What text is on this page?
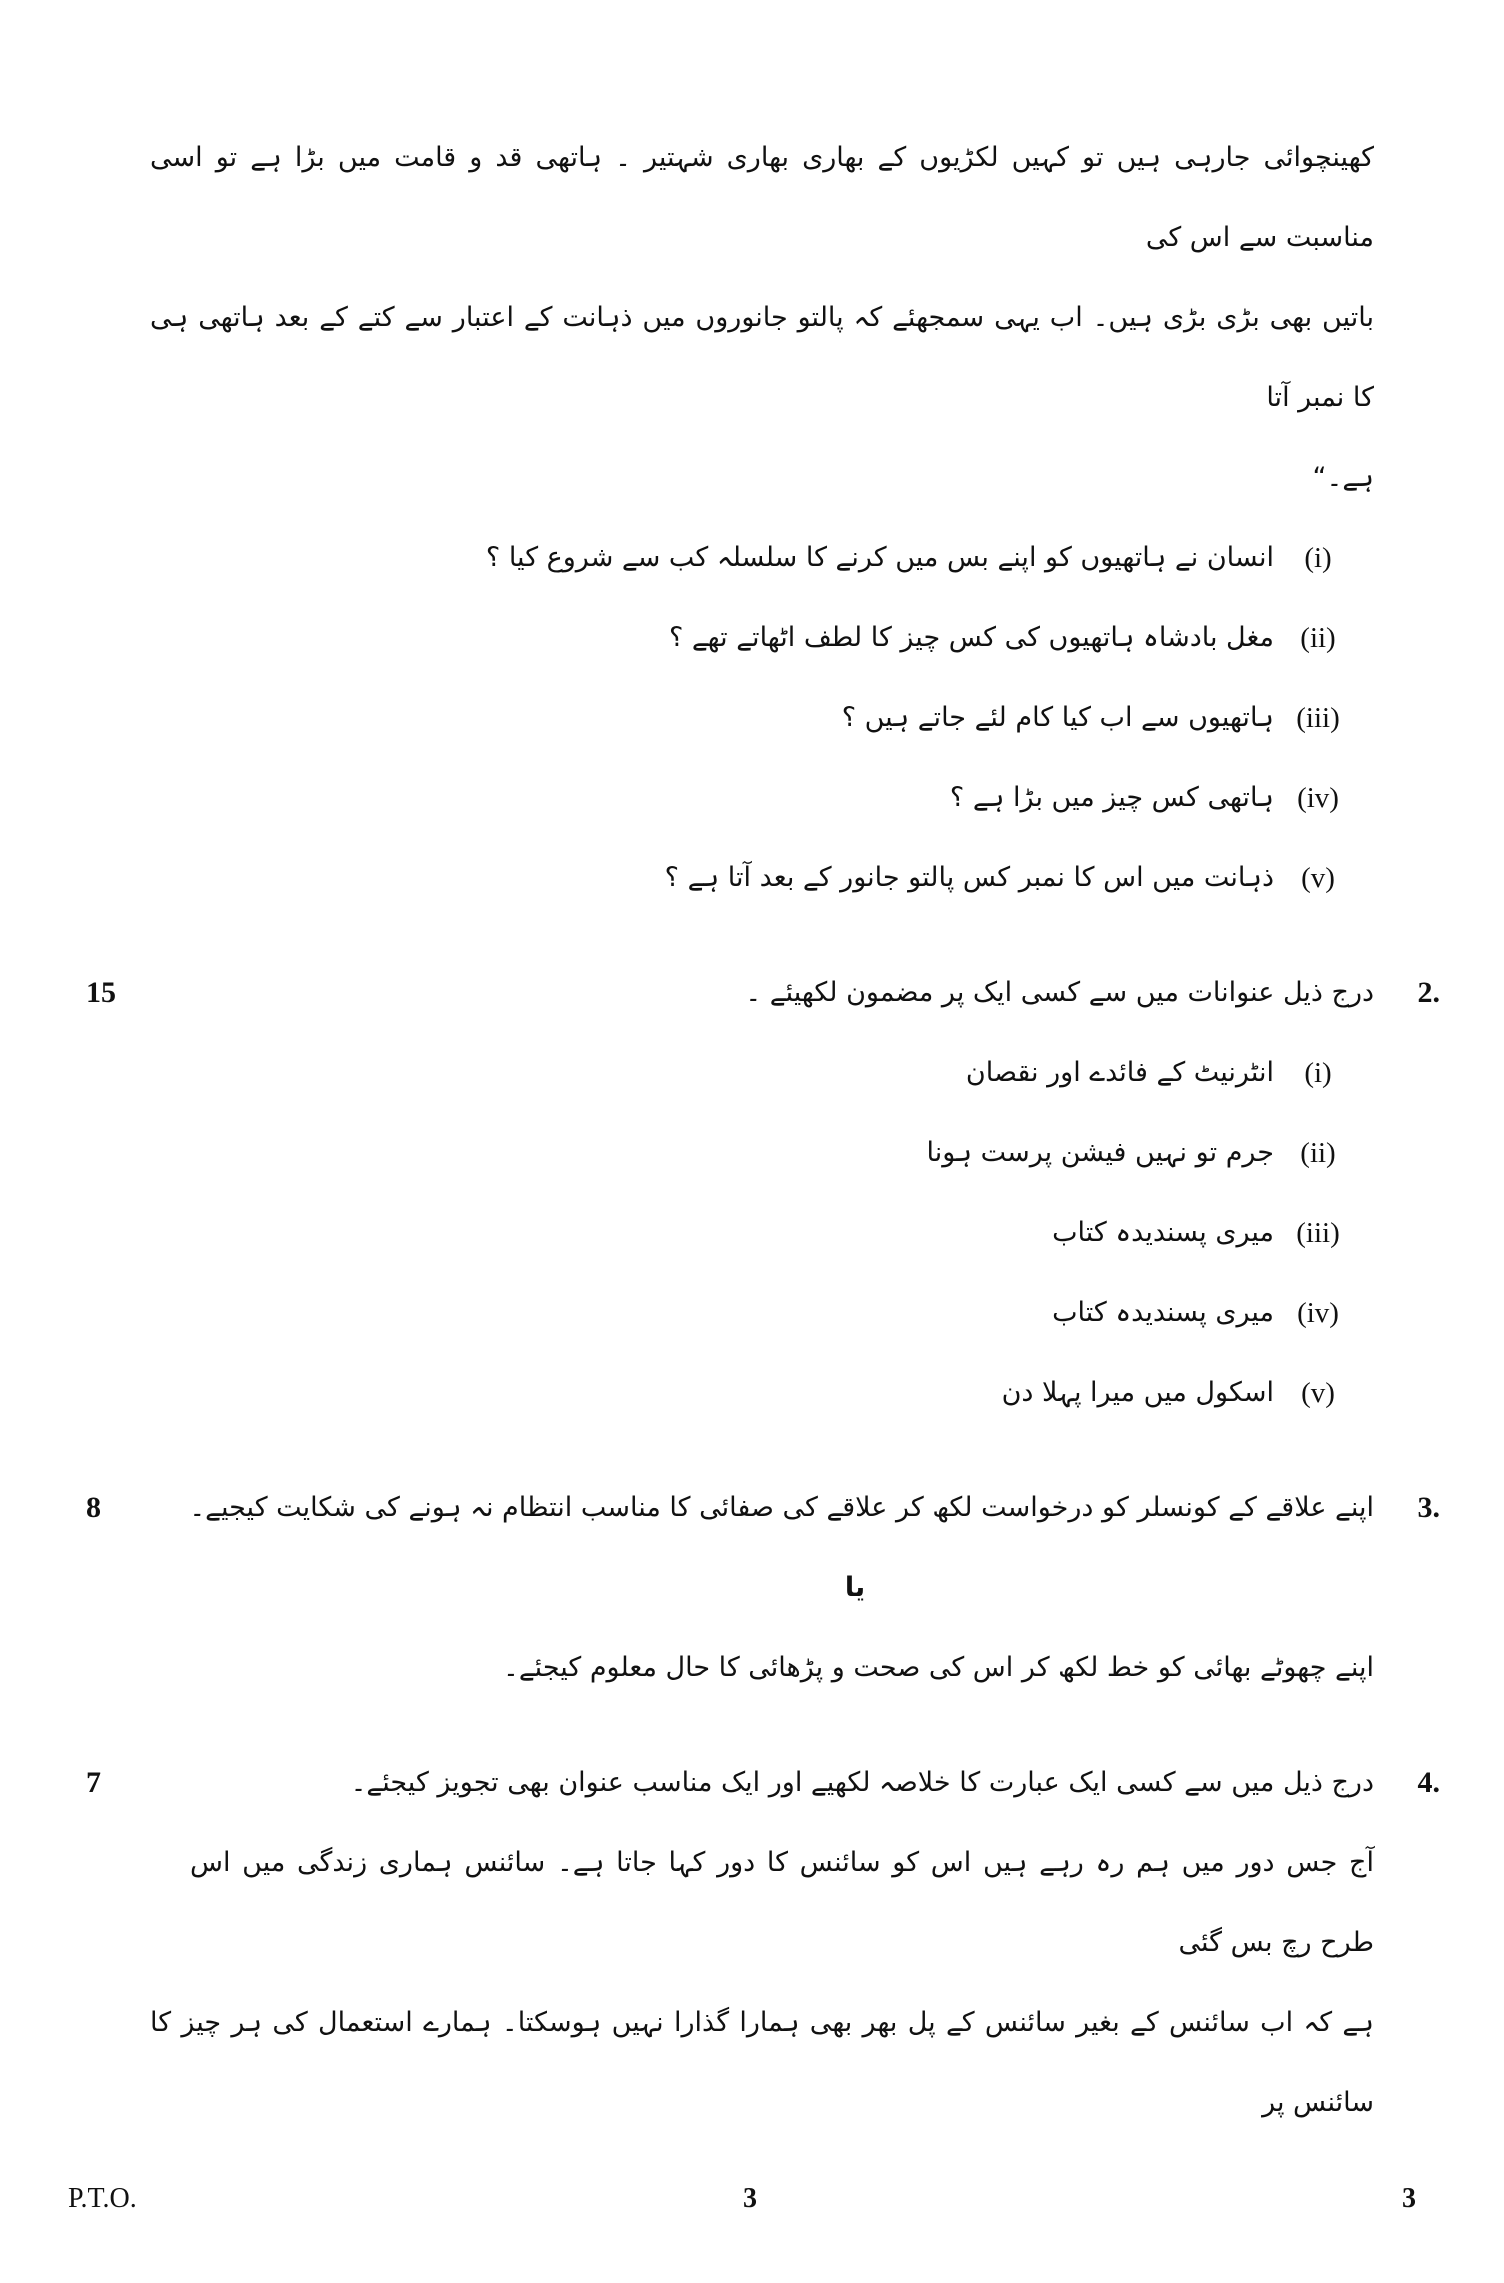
کھینچوائی جارہی ہیں تو کہیں لکڑیوں کے بھاری بھاری شہتیر ۔ ہاتھی قد و قامت میں بڑا ہے تو اسی مناسبت سے اس کی
باتیں بھی بڑی بڑی ہیں۔ اب یہی سمجھئے کہ پالتو جانوروں میں ذہانت کے اعتبار سے کتے کے بعد ہاتھی ہی کا نمبر آتا
ہے۔“
(i)
انسان نے ہاتھیوں کو اپنے بس میں کرنے کا سلسلہ کب سے شروع کیا ؟
(ii)
مغل بادشاہ ہاتھیوں کی کس چیز کا لطف اٹھاتے تھے ؟
(iii)
ہاتھیوں سے اب کیا کام لئے جاتے ہیں ؟
(iv)
ہاتھی کس چیز میں بڑا ہے ؟
(v)
ذہانت میں اس کا نمبر کس پالتو جانور کے بعد آتا ہے ؟
2.
درج ذیل عنوانات میں سے کسی ایک پر مضمون لکھیئے ۔
15
(i)
انٹرنیٹ کے فائدے اور نقصان
(ii)
جرم تو نہیں فیشن پرست ہونا
(iii)
میری پسندیدہ کتاب
(iv)
میری پسندیدہ کتاب
(v)
اسکول میں میرا پہلا دن
3.
اپنے علاقے کے کونسلر کو درخواست لکھ کر علاقے کی صفائی کا مناسب انتظام نہ ہونے کی شکایت کیجیے۔
8
یا
اپنے چھوٹے بھائی کو خط لکھ کر اس کی صحت و پڑھائی کا حال معلوم کیجئے۔
4.
درج ذیل میں سے کسی ایک عبارت کا خلاصہ لکھیے اور ایک مناسب عنوان بھی تجویز کیجئے۔
7
آج جس دور میں ہم رہ رہے ہیں اس کو سائنس کا دور کہا جاتا ہے۔ سائنس ہماری زندگی میں اس طرح رچ بس گئی
ہے کہ اب سائنس کے بغیر سائنس کے پل بھر بھی ہمارا گذارا نہیں ہوسکتا۔ ہمارے استعمال کی ہر چیز کا سائنس پر
P.T.O.	3	3
